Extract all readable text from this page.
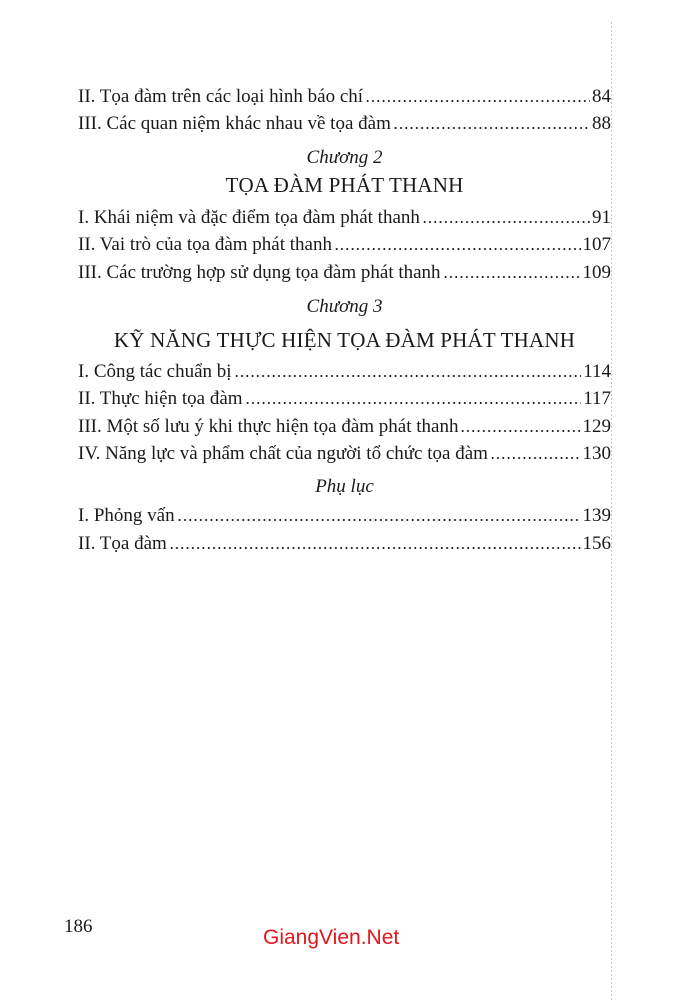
II. Tọa đàm trên các loại hình báo chí	84
III. Các quan niệm khác nhau về tọa đàm	88
Chương 2
TỌA ĐÀM PHÁT THANH
I. Khái niệm và đặc điểm tọa đàm phát thanh	91
II. Vai trò của tọa đàm phát thanh	107
III. Các trường hợp sử dụng tọa đàm phát thanh	109
Chương 3
KỸ NĂNG THỰC HIỆN TỌA ĐÀM PHÁT THANH
I. Công tác chuẩn bị	114
II. Thực hiện tọa đàm	117
III. Một số lưu ý khi thực hiện tọa đàm phát thanh	129
IV. Năng lực và phẩm chất của người tổ chức tọa đàm	130
Phụ lục
I. Phỏng vấn	139
II. Tọa đàm	156
186	GiangVien.Net
